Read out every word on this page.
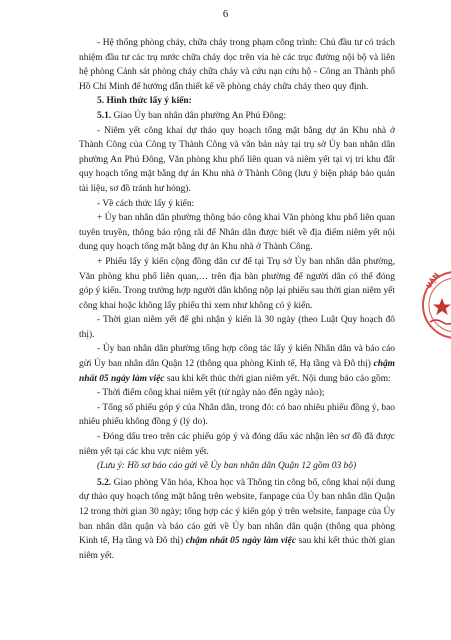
6

- Hệ thống phòng cháy, chữa cháy trong phạm công trình: Chủ đầu tư có trách nhiệm đầu tư các trụ nước chữa cháy dọc trên via hè các trục đường nội bộ và liên hệ phòng Cảnh sát phòng cháy chữa cháy và cứu nạn cứu hộ - Công an Thành phố Hồ Chí Minh để hướng dẫn thiết kế về phòng cháy chữa cháy theo quy định.

5. Hình thức lấy ý kiến:

5.1. Giao Ủy ban nhân dân phường An Phú Đông:

- Niêm yết công khai dự thảo quy hoạch tổng mặt bằng dự án Khu nhà ở Thành Công của Công ty Thành Công và văn bản này tại trụ sở Ủy ban nhân dân phường An Phú Đông, Văn phòng khu phố liên quan và niêm yết tại vị trí khu đất quy hoạch tổng mặt bằng dự án Khu nhà ở Thành Công (lưu ý biện pháp bảo quản tài liệu, sơ đồ tránh hư hỏng).

- Về cách thức lấy ý kiến:

+ Ủy ban nhân dân phường thông báo công khai Văn phòng khu phố liên quan tuyên truyền, thông báo rộng rãi để Nhân dân được biết về địa điểm niêm yết nội dung quy hoạch tổng mặt bằng dự án Khu nhà ở Thành Công.

+ Phiếu lấy ý kiến cộng đồng dân cư để tại Trụ sở Ủy ban nhân dân phường, Văn phòng khu phố liên quan,… trên địa bàn phường để người dân có thể đóng góp ý kiến. Trong trường hợp người dân không nộp lại phiếu sau thời gian niêm yết công khai hoặc không lấy phiếu thì xem như không có ý kiến.

- Thời gian niêm yết để ghi nhận ý kiến là 30 ngày (theo Luật Quy hoạch đô thị).

- Ủy ban nhân dân phường tổng hợp công tác lấy ý kiến Nhân dân và báo cáo gửi Ủy ban nhân dân Quận 12 (thông qua phòng Kinh tế, Hạ tầng và Đô thị) chậm nhất 05 ngày làm việc sau khi kết thúc thời gian niêm yết. Nội dung báo cáo gồm:

- Thời điểm công khai niêm yết (từ ngày nào đến ngày nào);

- Tổng số phiếu góp ý của Nhân dân, trong đó: có bao nhiêu phiếu đồng ý, bao nhiêu phiếu không đồng ý (lý do).

- Đóng dấu treo trên các phiếu góp ý và đóng dấu xác nhận lên sơ đồ đã được niêm yết tại các khu vực niêm yết.

(Lưu ý: Hồ sơ báo cáo gửi về Ủy ban nhân dân Quận 12 gồm 03 bộ)

5.2. Giao phòng Văn hóa, Khoa học và Thông tin công bố, công khai nội dung dự thảo quy hoạch tổng mặt bằng trên website, fanpage của Ủy ban nhân dân Quận 12 trong thời gian 30 ngày; tổng hợp các ý kiến góp ý trên website, fanpage của Ủy ban nhân dân quận và báo cáo gửi về Ủy ban nhân dân quận (thông qua phòng Kinh tế, Hạ tầng và Đô thị) chậm nhất 05 ngày làm việc sau khi kết thúc thời gian niêm yết.

UẬN
